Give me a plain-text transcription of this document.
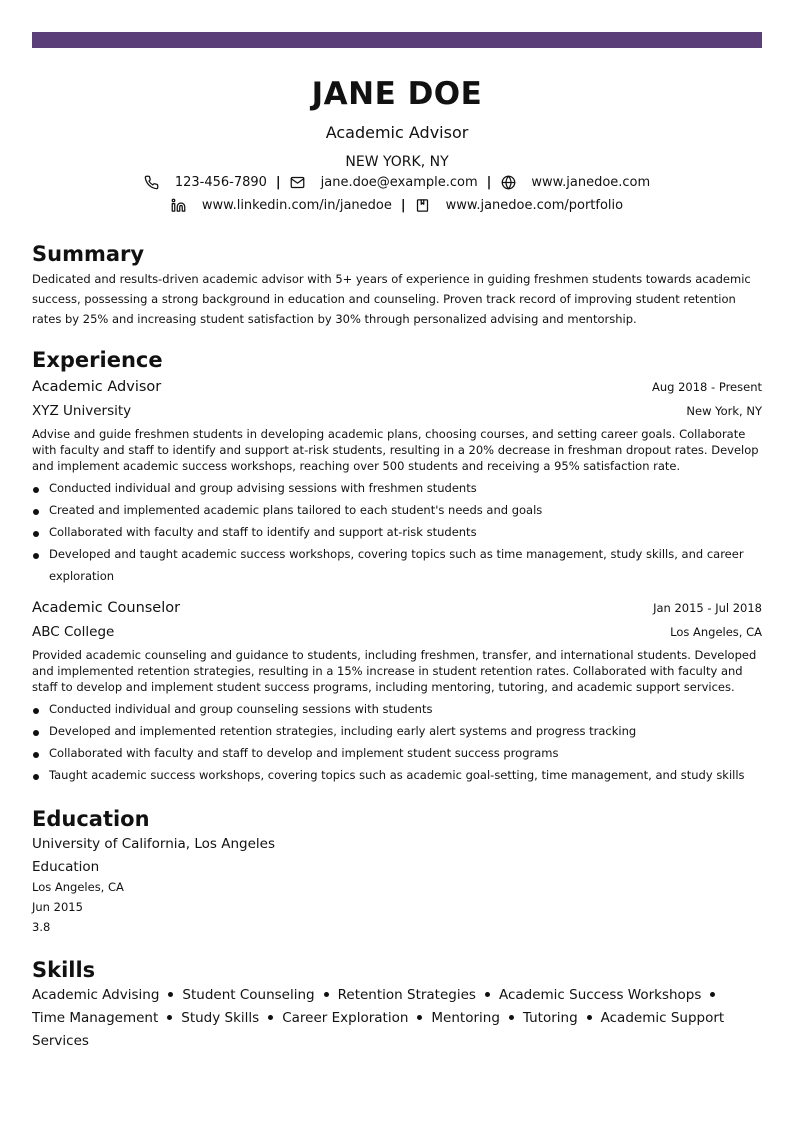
JANE DOE
Academic Advisor
NEW YORK, NY
123-456-7890 |	jane.doe@example.com |	www.janedoe.com
www.linkedin.com/in/janedoe |	www.janedoe.com/portfolio
Summary
Dedicated and results-driven academic advisor with 5+ years of experience in guiding freshmen students towards academic success, possessing a strong background in education and counseling. Proven track record of improving student retention rates by 25% and increasing student satisfaction by 30% through personalized advising and mentorship.
Experience
Academic Advisor	Aug 2018 - Present
XYZ University	New York, NY
Advise and guide freshmen students in developing academic plans, choosing courses, and setting career goals. Collaborate with faculty and staff to identify and support at-risk students, resulting in a 20% decrease in freshman dropout rates. Develop and implement academic success workshops, reaching over 500 students and receiving a 95% satisfaction rate.
Conducted individual and group advising sessions with freshmen students
Created and implemented academic plans tailored to each student's needs and goals
Collaborated with faculty and staff to identify and support at-risk students
Developed and taught academic success workshops, covering topics such as time management, study skills, and career exploration
Academic Counselor	Jan 2015 - Jul 2018
ABC College	Los Angeles, CA
Provided academic counseling and guidance to students, including freshmen, transfer, and international students. Developed and implemented retention strategies, resulting in a 15% increase in student retention rates. Collaborated with faculty and staff to develop and implement student success programs, including mentoring, tutoring, and academic support services.
Conducted individual and group counseling sessions with students
Developed and implemented retention strategies, including early alert systems and progress tracking
Collaborated with faculty and staff to develop and implement student success programs
Taught academic success workshops, covering topics such as academic goal-setting, time management, and study skills
Education
University of California, Los Angeles
Education
Los Angeles, CA
Jun 2015
3.8
Skills
Academic Advising Student Counseling Retention Strategies Academic Success Workshops
Time Management Study Skills Career Exploration Mentoring Tutoring Academic Support Services
